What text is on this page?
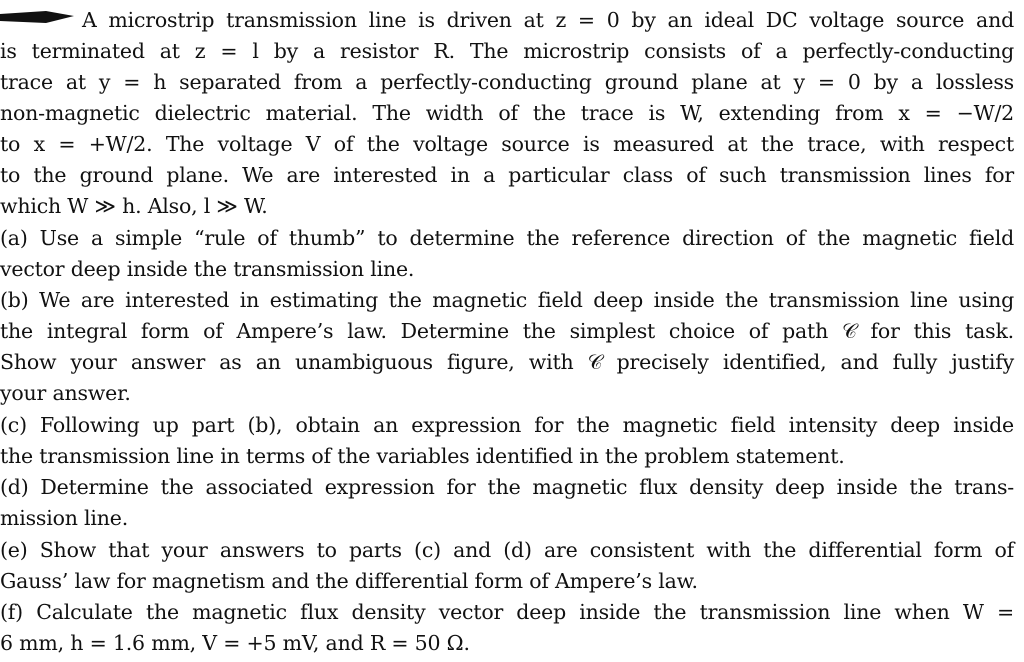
A microstrip transmission line is driven at z = 0 by an ideal DC voltage source and
is terminated at z = l by a resistor R. The microstrip consists of a perfectly-conducting
trace at y = h separated from a perfectly-conducting ground plane at y = 0 by a lossless
non-magnetic dielectric material. The width of the trace is W, extending from x = −W/2
to x = +W/2. The voltage V of the voltage source is measured at the trace, with respect
to the ground plane. We are interested in a particular class of such transmission lines for
which W ≫ h. Also, l ≫ W.
(a) Use a simple “rule of thumb” to determine the reference direction of the magnetic field
vector deep inside the transmission line.
(b) We are interested in estimating the magnetic field deep inside the transmission line using
the integral form of Ampere’s law. Determine the simplest choice of path 𝒞 for this task.
Show your answer as an unambiguous figure, with 𝒞 precisely identified, and fully justify
your answer.
(c) Following up part (b), obtain an expression for the magnetic field intensity deep inside
the transmission line in terms of the variables identified in the problem statement.
(d) Determine the associated expression for the magnetic flux density deep inside the trans-
mission line.
(e) Show that your answers to parts (c) and (d) are consistent with the differential form of
Gauss’ law for magnetism and the differential form of Ampere’s law.
(f) Calculate the magnetic flux density vector deep inside the transmission line when W =
6 mm, h = 1.6 mm, V = +5 mV, and R = 50 Ω.
